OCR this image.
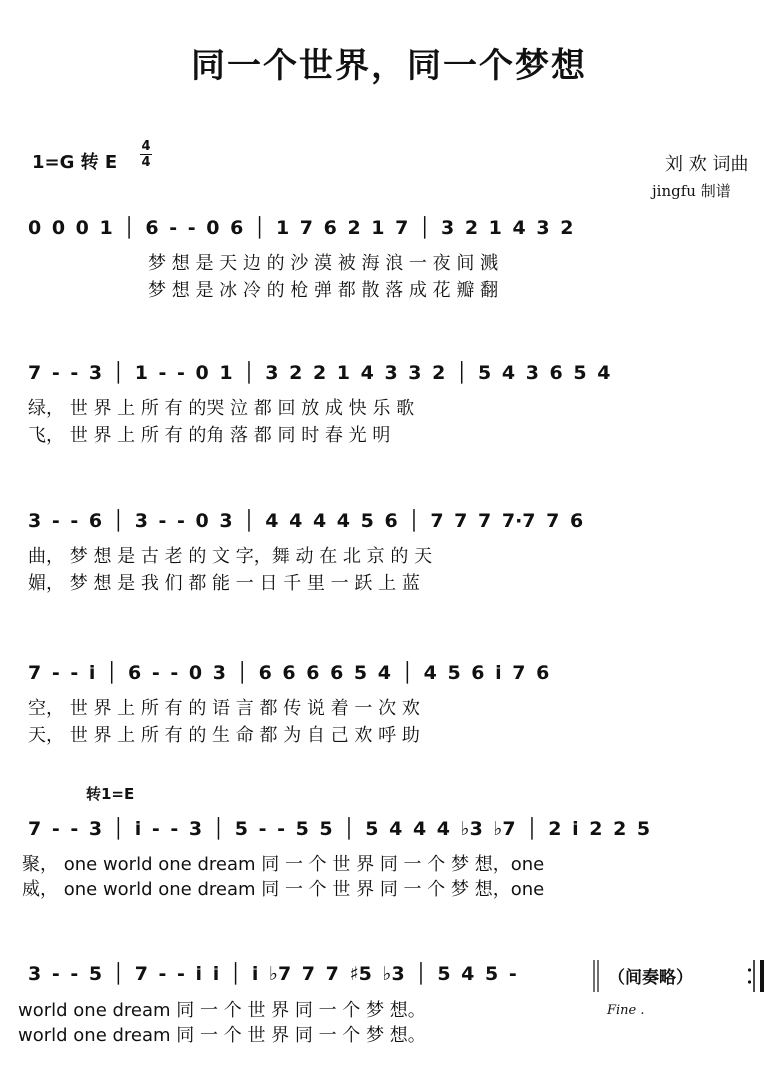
同一个世界，同一个梦想
1=G 转 E
4
4	刘 欢 词曲
jingfu 制谱
0 0 0 1 │ 6 - - 0 6 │ 1 7 6 2 1 7 │ 3 2 1 4 3 2
梦 想 是 天 边 的 沙 漠 被 海 浪 一 夜 间 溅
梦 想 是 冰 冷 的 枪 弹 都 散 落 成 花 瓣 翻
7 - - 3 │ 1 - - 0 1 │ 3 2 2 1 4 3 3 2 │ 5 4 3 6 5 4
绿， 世 界 上 所 有 的哭 泣 都 回 放 成 快 乐 歌
飞， 世 界 上 所 有 的角 落 都 同 时 春 光 明
3 - - 6 │ 3 - - 0 3 │ 4 4 4 4 5 6 │ 7 7 7 7·7 7 6
曲， 梦 想 是 古 老 的 文 字，舞 动 在 北 京 的 天
媚， 梦 想 是 我 们 都 能 一 日 千 里 一 跃 上 蓝
7 - - i │ 6 - - 0 3 │ 6 6 6 6 5 4 │ 4 5 6 i 7 6
空， 世 界 上 所 有 的 语 言 都 传 说 着 一 次 欢
天， 世 界 上 所 有 的 生 命 都 为 自 己 欢 呼 助
转1=E
7 - - 3 │ i - - 3 │ 5 - - 5 5 │ 5 4 4 4 ♭3 ♭7 │ 2 i 2 2 5
聚， one world one dream 同 一 个 世 界 同 一 个 梦 想，one
威， one world one dream 同 一 个 世 界 同 一 个 梦 想，one
3 - - 5 │ 7 - - i i │ i ♭7 7 7 ♯5 ♭3 │ 5 4 5 -	（间奏略）
world one dream 同 一 个 世 界 同 一 个 梦 想。	Fine .
world one dream 同 一 个 世 界 同 一 个 梦 想。
